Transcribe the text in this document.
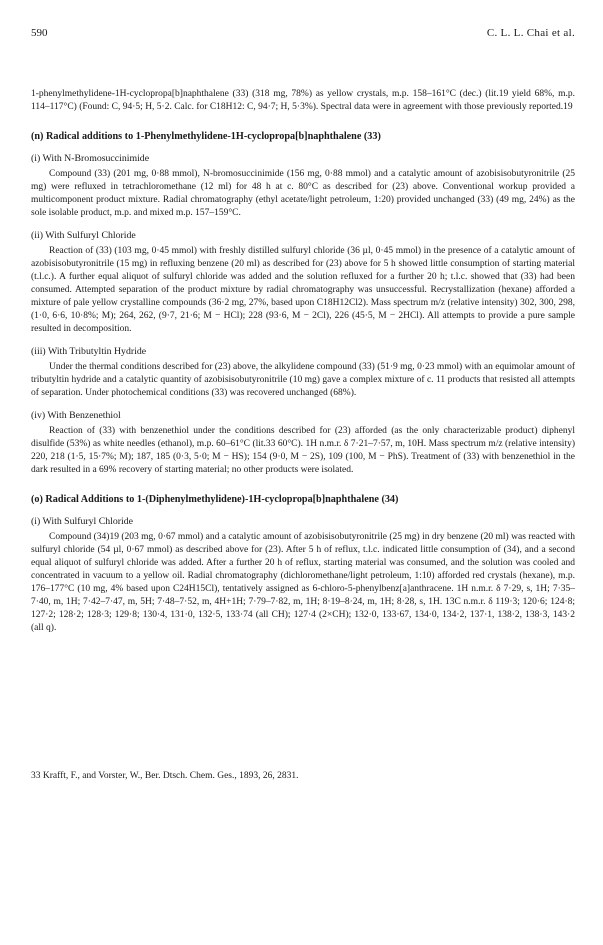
590	C. L. L. Chai et al.

1-phenylmethylidene-1H-cyclopropa[b]naphthalene (33) (318 mg, 78%) as yellow crystals, m.p. 158–161°C (dec.) (lit.19 yield 68%, m.p. 114–117°C) (Found: C, 94·5; H, 5·2. Calc. for C18H12: C, 94·7; H, 5·3%). Spectral data were in agreement with those previously reported.19

(n) Radical additions to 1-Phenylmethylidene-1H-cyclopropa[b]naphthalene (33)
(i) With N-Bromosuccinimide

Compound (33) (201 mg, 0·88 mmol), N-bromosuccinimide (156 mg, 0·88 mmol) and a catalytic amount of azobisisobutyronitrile (25 mg) were refluxed in tetrachloromethane (12 ml) for 48 h at c. 80°C as described for (23) above. Conventional workup provided a multicomponent product mixture. Radial chromatography (ethyl acetate/light petroleum, 1:20) provided unchanged (33) (49 mg, 24%) as the sole isolable product, m.p. and mixed m.p. 157–159°C.

(ii) With Sulfuryl Chloride

Reaction of (33) (103 mg, 0·45 mmol) with freshly distilled sulfuryl chloride (36 µl, 0·45 mmol) in the presence of a catalytic amount of azobisisobutyronitrile (15 mg) in refluxing benzene (20 ml) as described for (23) above for 5 h showed little consumption of starting material (t.l.c.). A further equal aliquot of sulfuryl chloride was added and the solution refluxed for a further 20 h; t.l.c. showed that (33) had been consumed. Attempted separation of the product mixture by radial chromatography was unsuccessful. Recrystallization (hexane) afforded a mixture of pale yellow crystalline compounds (36·2 mg, 27%, based upon C18H12Cl2). Mass spectrum m/z (relative intensity) 302, 300, 298, (1·0, 6·6, 10·8%; M); 264, 262, (9·7, 21·6; M − HCl); 228 (93·6, M − 2Cl), 226 (45·5, M − 2HCl). All attempts to provide a pure sample resulted in decomposition.

(iii) With Tributyltin Hydride

Under the thermal conditions described for (23) above, the alkylidene compound (33) (51·9 mg, 0·23 mmol) with an equimolar amount of tributyltin hydride and a catalytic quantity of azobisisobutyronitrile (10 mg) gave a complex mixture of c. 11 products that resisted all attempts of separation. Under photochemical conditions (33) was recovered unchanged (68%).

(iv) With Benzenethiol

Reaction of (33) with benzenethiol under the conditions described for (23) afforded (as the only characterizable product) diphenyl disulfide (53%) as white needles (ethanol), m.p. 60–61°C (lit.33 60°C). 1H n.m.r. δ 7·21–7·57, m, 10H. Mass spectrum m/z (relative intensity) 220, 218 (1·5, 15·7%; M); 187, 185 (0·3, 5·0; M − HS); 154 (9·0, M − 2S), 109 (100, M − PhS). Treatment of (33) with benzenethiol in the dark resulted in a 69% recovery of starting material; no other products were isolated.

(o) Radical Additions to 1-(Diphenylmethylidene)-1H-cyclopropa[b]naphthalene (34)
(i) With Sulfuryl Chloride

Compound (34)19 (203 mg, 0·67 mmol) and a catalytic amount of azobisisobutyronitrile (25 mg) in dry benzene (20 ml) was reacted with sulfuryl chloride (54 µl, 0·67 mmol) as described above for (23). After 5 h of reflux, t.l.c. indicated little consumption of (34), and a second equal aliquot of sulfuryl chloride was added. After a further 20 h of reflux, starting material was consumed, and the solution was cooled and concentrated in vacuum to a yellow oil. Radial chromatography (dichloromethane/light petroleum, 1:10) afforded red crystals (hexane), m.p. 176–177°C (10 mg, 4% based upon C24H15Cl), tentatively assigned as 6-chloro-5-phenylbenz[a]anthracene. 1H n.m.r. δ 7·29, s, 1H; 7·35–7·40, m, 1H; 7·42–7·47, m, 5H; 7·48–7·52, m, 4H+1H; 7·79–7·82, m, 1H; 8·19–8·24, m, 1H; 8·28, s, 1H. 13C n.m.r. δ 119·3; 120·6; 124·8; 127·2; 128·2; 128·3; 129·8; 130·4, 131·0, 132·5, 133·74 (all CH); 127·4 (2×CH); 132·0, 133·67, 134·0, 134·2, 137·1, 138·2, 138·3, 143·2 (all q).

33 Krafft, F., and Vorster, W., Ber. Dtsch. Chem. Ges., 1893, 26, 2831.
